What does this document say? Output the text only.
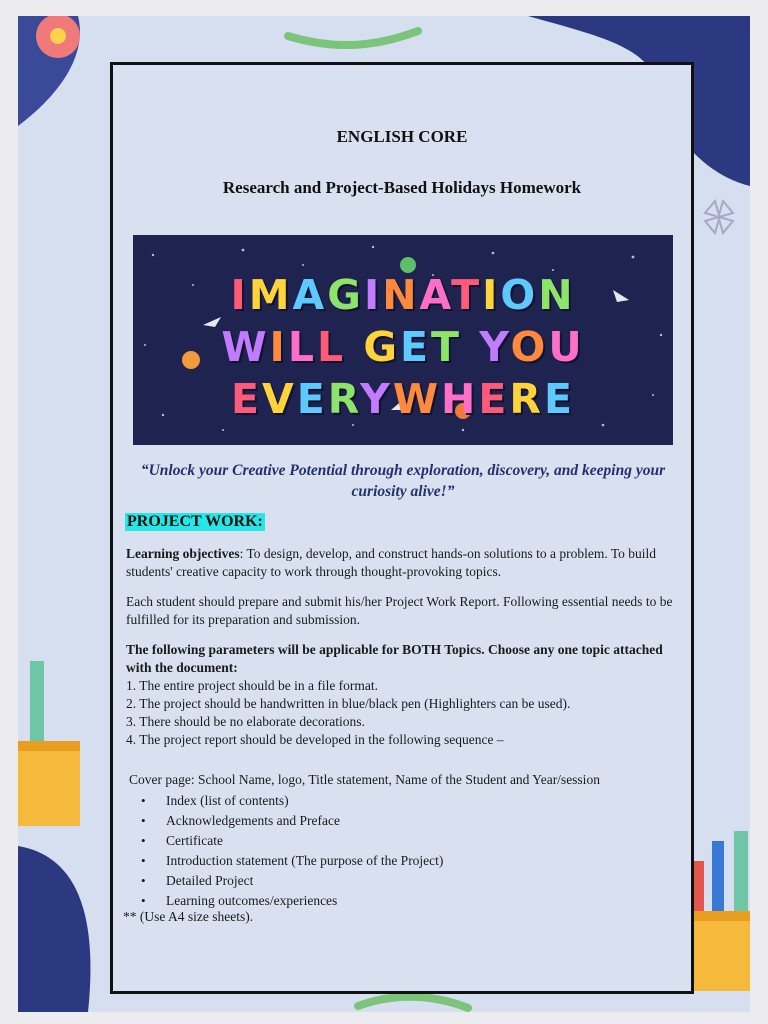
ENGLISH CORE
Research and Project-Based Holidays Homework
IMAGINATION
WILL GET YOU
EVERYWHERE
“Unlock your Creative Potential through exploration, discovery, and keeping your curiosity alive!”
PROJECT WORK:
Learning objectives: To design, develop, and construct hands-on solutions to a problem. To build students' creative capacity to work through thought-provoking topics.
Each student should prepare and submit his/her Project Work Report. Following essential needs to be fulfilled for its preparation and submission.
The following parameters will be applicable for BOTH Topics. Choose any one topic attached with the document:
1. The entire project should be in a file format.
2. The project should be handwritten in blue/black pen (Highlighters can be used).
3. There should be no elaborate decorations.
4. The project report should be developed in the following sequence –
Cover page: School Name, logo, Title statement, Name of the Student and Year/session
• Index (list of contents)
• Acknowledgements and Preface
• Certificate
• Introduction statement (The purpose of the Project)
• Detailed Project
• Learning outcomes/experiences
** (Use A4 size sheets).
